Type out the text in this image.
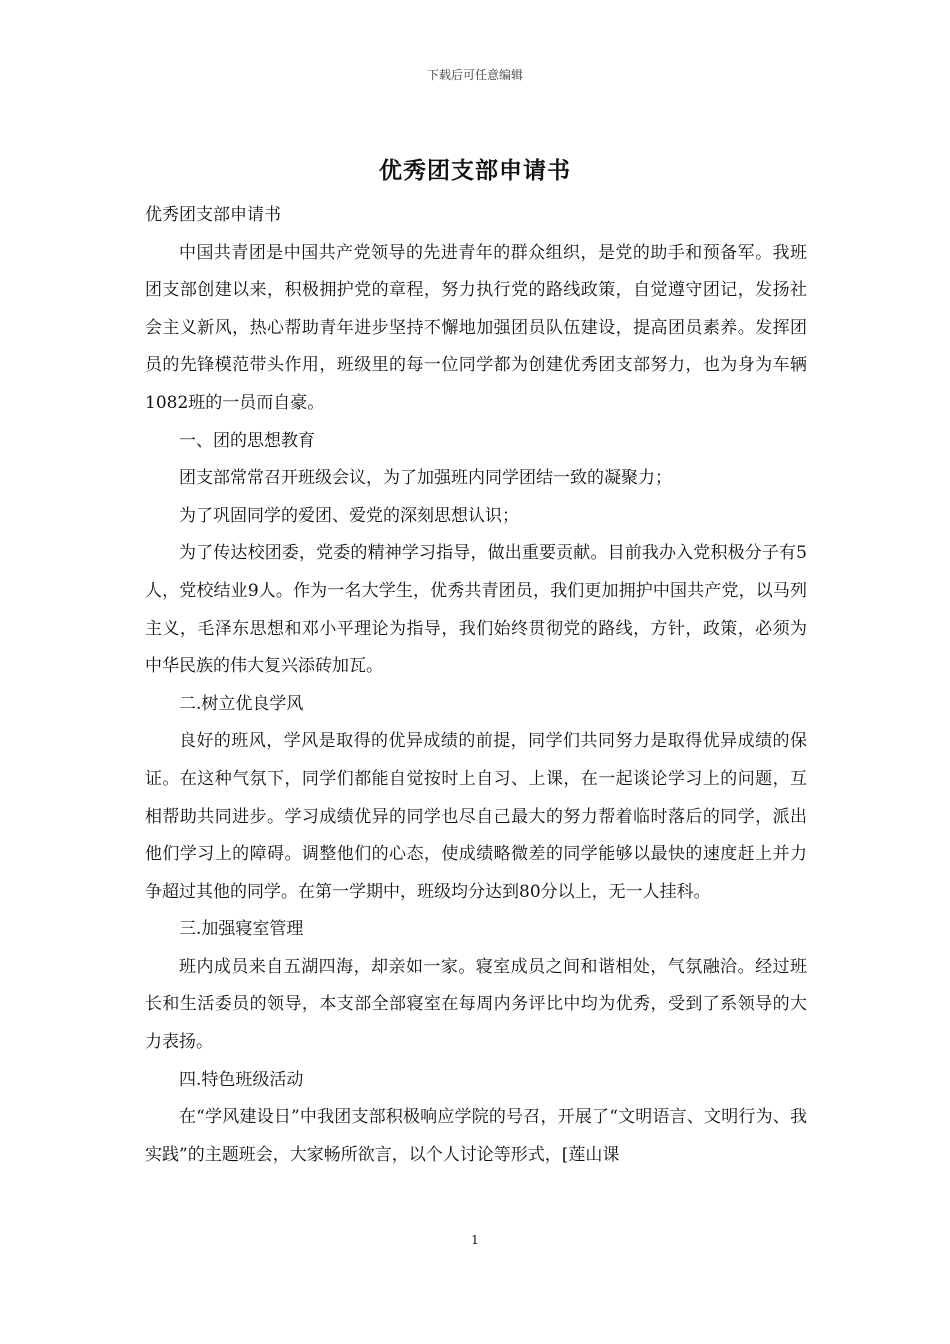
下载后可任意编辑
优秀团支部申请书

优秀团支部申请书

中国共青团是中国共产党领导的先进青年的群众组织，是党的助手和预备军。我班团支部创建以来，积极拥护党的章程，努力执行党的路线政策，自觉遵守团记，发扬社会主义新风，热心帮助青年进步坚持不懈地加强团员队伍建设，提高团员素养。发挥团员的先锋模范带头作用，班级里的每一位同学都为创建优秀团支部努力，也为身为车辆1082班的一员而自豪。

一、团的思想教育

团支部常常召开班级会议，为了加强班内同学团结一致的凝聚力；

为了巩固同学的爱团、爱党的深刻思想认识；

为了传达校团委，党委的精神学习指导，做出重要贡献。目前我办入党积极分子有5人，党校结业9人。作为一名大学生，优秀共青团员，我们更加拥护中国共产党，以马列主义，毛泽东思想和邓小平理论为指导，我们始终贯彻党的路线，方针，政策，必须为中华民族的伟大复兴添砖加瓦。

二.树立优良学风

良好的班风，学风是取得的优异成绩的前提，同学们共同努力是取得优异成绩的保证。在这种气氛下，同学们都能自觉按时上自习、上课，在一起谈论学习上的问题，互相帮助共同进步。学习成绩优异的同学也尽自己最大的努力帮着临时落后的同学，派出他们学习上的障碍。调整他们的心态，使成绩略微差的同学能够以最快的速度赶上并力争超过其他的同学。在第一学期中，班级均分达到80分以上，无一人挂科。

三.加强寝室管理

班内成员来自五湖四海，却亲如一家。寝室成员之间和谐相处，气氛融洽。经过班长和生活委员的领导，本支部全部寝室在每周内务评比中均为优秀，受到了系领导的大力表扬。

四.特色班级活动

在“学风建设日”中我团支部积极响应学院的号召，开展了“文明语言、文明行为、我实践”的主题班会，大家畅所欲言，以个人讨论等形式，[莲山课

1
